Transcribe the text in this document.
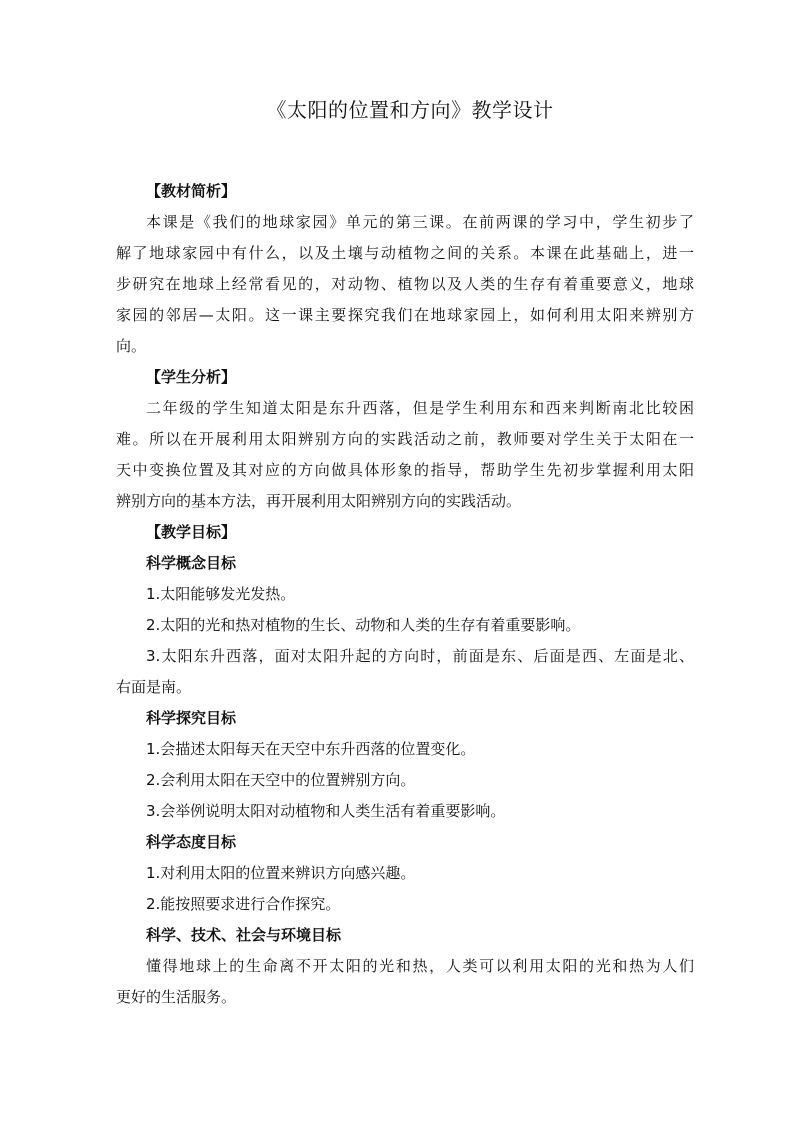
《太阳的位置和方向》教学设计
【教材简析】
本课是《我们的地球家园》单元的第三课。在前两课的学习中，学生初步了
解了地球家园中有什么，以及土壤与动植物之间的关系。本课在此基础上，进一
步研究在地球上经常看见的，对动物、植物以及人类的生存有着重要意义，地球
家园的邻居—太阳。这一课主要探究我们在地球家园上，如何利用太阳来辨别方
向。
【学生分析】
二年级的学生知道太阳是东升西落，但是学生利用东和西来判断南北比较困
难。所以在开展利用太阳辨别方向的实践活动之前，教师要对学生关于太阳在一
天中变换位置及其对应的方向做具体形象的指导，帮助学生先初步掌握利用太阳
辨别方向的基本方法，再开展利用太阳辨别方向的实践活动。
【教学目标】
科学概念目标
1.太阳能够发光发热。
2.太阳的光和热对植物的生长、动物和人类的生存有着重要影响。
3.太阳东升西落，面对太阳升起的方向时，前面是东、后面是西、左面是北、
右面是南。
科学探究目标
1.会描述太阳每天在天空中东升西落的位置变化。
2.会利用太阳在天空中的位置辨别方向。
3.会举例说明太阳对动植物和人类生活有着重要影响。
科学态度目标
1.对利用太阳的位置来辨识方向感兴趣。
2.能按照要求进行合作探究。
科学、技术、社会与环境目标
懂得地球上的生命离不开太阳的光和热，人类可以利用太阳的光和热为人们
更好的生活服务。
